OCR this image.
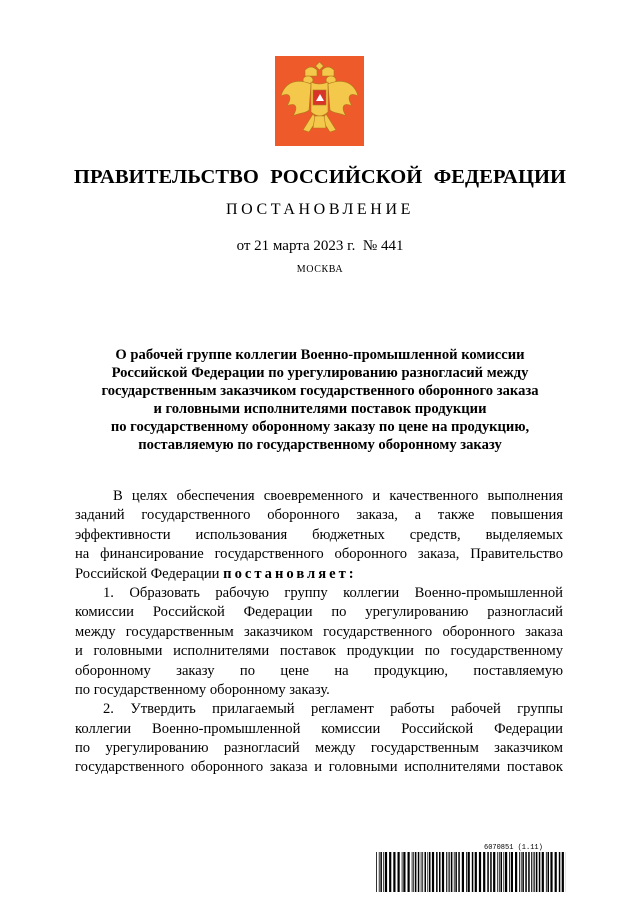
ПРАВИТЕЛЬСТВО РОССИЙСКОЙ ФЕДЕРАЦИИ
ПОСТАНОВЛЕНИЕ
от 21 марта 2023 г.  № 441
МОСКВА
О рабочей группе коллегии Военно-промышленной комиссии
Российской Федерации по урегулированию разногласий между
государственным заказчиком государственного оборонного заказа
и головными исполнителями поставок продукции
по государственному оборонному заказу по цене на продукцию,
поставляемую по государственному оборонному заказу
В целях обеспечения своевременного и качественного выполнения
заданий государственного оборонного заказа, а также повышения
эффективности использования бюджетных средств, выделяемых
на финансирование государственного оборонного заказа, Правительство
Российской Федерации постановляет:
1. Образовать рабочую группу коллегии Военно-промышленной
комиссии Российской Федерации по урегулированию разногласий
между государственным заказчиком государственного оборонного заказа
и головными исполнителями поставок продукции по государственному
оборонному заказу по цене на продукцию, поставляемую
по государственному оборонному заказу.
2. Утвердить прилагаемый регламент работы рабочей группы
коллегии Военно-промышленной комиссии Российской Федерации
по урегулированию разногласий между государственным заказчиком
государственного оборонного заказа и головными исполнителями поставок
6070851 (1.11)
